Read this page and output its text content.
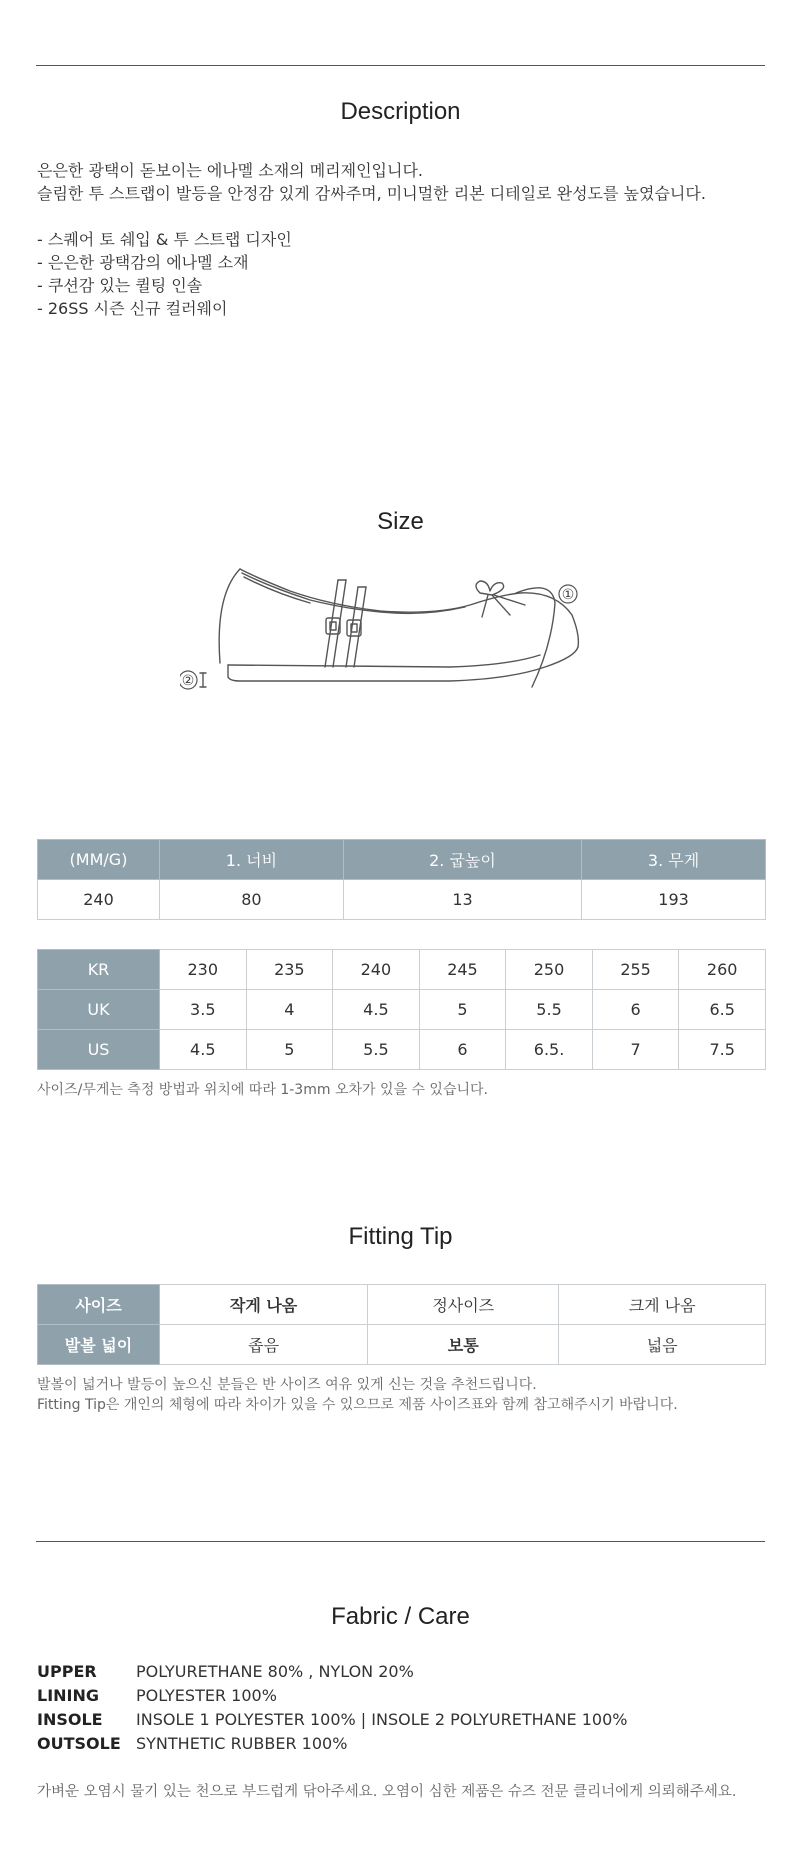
Description
은은한 광택이 돋보이는 에나멜 소재의 메리제인입니다.
슬림한 투 스트랩이 발등을 안정감 있게 감싸주며, 미니멀한 리본 디테일로 완성도를 높였습니다.
- 스퀘어 토 쉐입 & 투 스트랩 디자인
- 은은한 광택감의 에나멜 소재
- 쿠션감 있는 퀼팅 인솔
- 26SS 시즌 신규 컬러웨이
Size
①
②
(MM/G)	1. 너비	2. 굽높이	3. 무게
240	80	13	193
KR	230	235	240	245	250	255	260
UK	3.5	4	4.5	5	5.5	6	6.5
US	4.5	5	5.5	6	6.5.	7	7.5
사이즈/무게는 측정 방법과 위치에 따라 1-3mm 오차가 있을 수 있습니다.
Fitting Tip
사이즈	작게 나옴	정사이즈	크게 나옴
발볼 넓이	좁음	보통	넓음
발볼이 넓거나 발등이 높으신 분들은 반 사이즈 여유 있게 신는 것을 추천드립니다.
Fitting Tip은 개인의 체형에 따라 차이가 있을 수 있으므로 제품 사이즈표와 함께 참고해주시기 바랍니다.
Fabric / Care
UPPER POLYURETHANE 80% , NYLON 20%
LINING POLYESTER 100%
INSOLE INSOLE 1 POLYESTER 100% | INSOLE 2 POLYURETHANE 100%
OUTSOLE SYNTHETIC RUBBER 100%
가벼운 오염시 물기 있는 천으로 부드럽게 닦아주세요. 오염이 심한 제품은 슈즈 전문 클리너에게 의뢰해주세요.
